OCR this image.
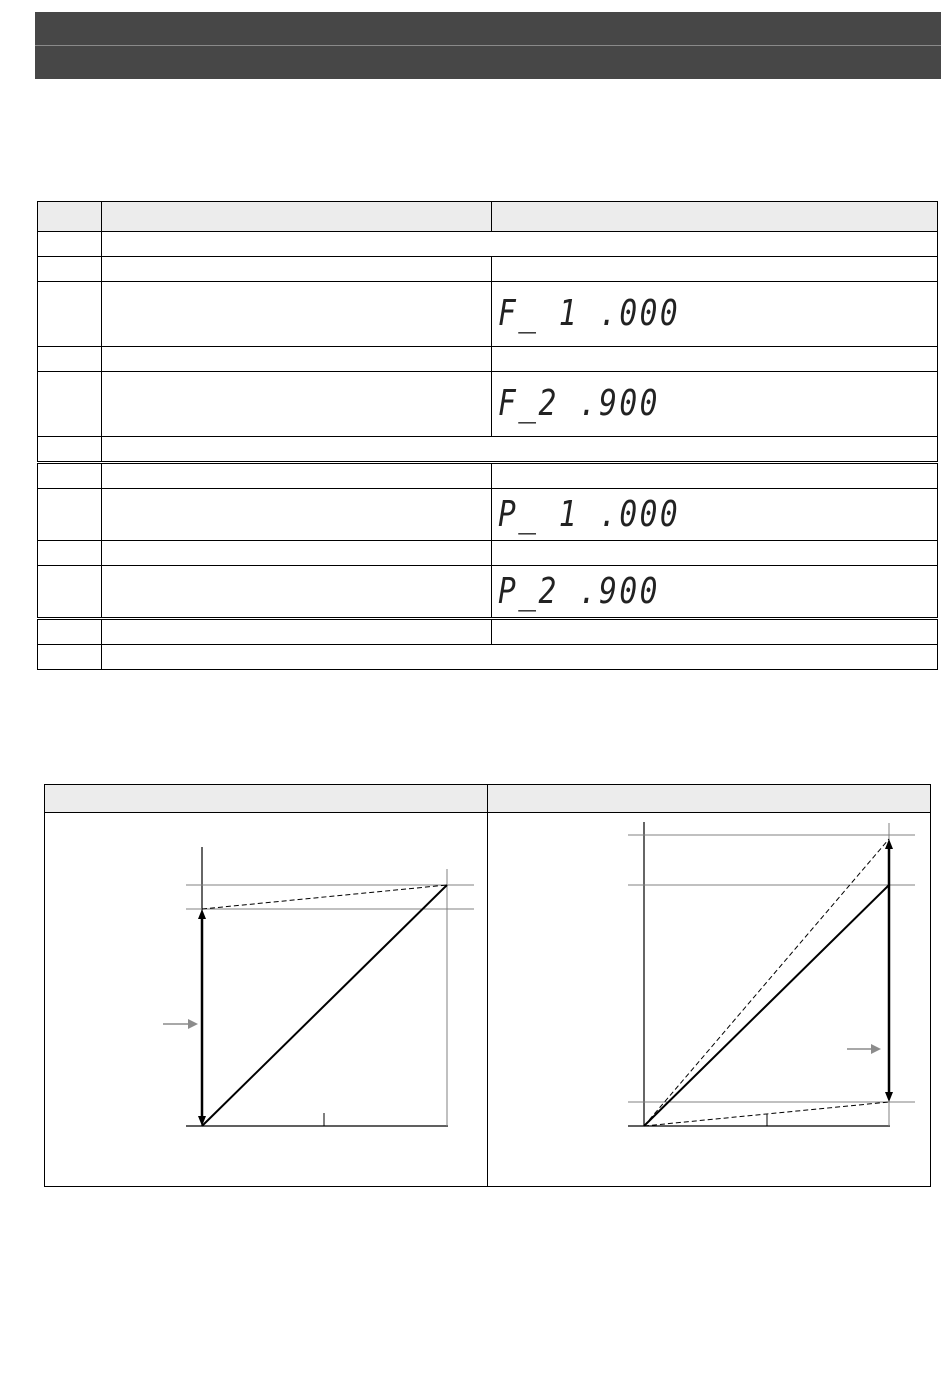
		F_ 1 .000

		F_2 .900

		P_ 1 .000

		P_2 .900
